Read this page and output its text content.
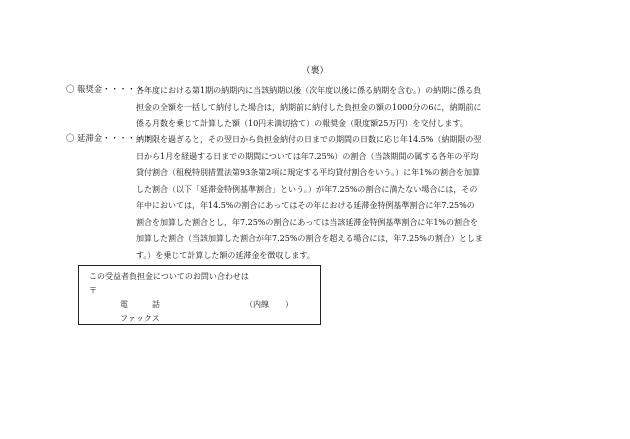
（裏）
〇 報奨金・・・・・・
各年度における第1期の納期内に当該納期以後（次年度以後に係る納期を含む。）の納期に係る負
担金の全額を一括して納付した場合は，納期前に納付した負担金の額の1000分の6に，納期前に
係る月数を乗じて計算した額（10円未満切捨て）の報奨金（限度額25万円）を交付します。
〇 延滞金・・・・・・
納期限を過ぎると，その翌日から負担金納付の日までの期間の日数に応じ年14.5%（納期限の翌
日から1月を経過する日までの期間については年7.25%）の割合（当該期間の属する各年の平均
貸付割合（租税特別措置法第93条第2項に規定する平均貸付割合をいう。）に年1%の割合を加算
した割合（以下「延滞金特例基準割合」という。）が年7.25%の割合に満たない場合には，その
年中においては，年14.5%の割合にあってはその年における延滞金特例基準割合に年7.25%の
割合を加算した割合とし，年7.25%の割合にあっては当該延滞金特例基準割合に年1%の割合を
加算した割合（当該加算した割合が年7.25%の割合を超える場合には，年7.25%の割合）としま
す。）を乗じて計算した額の延滞金を徴収します。
この受益者負担金についてのお問い合わせは
〒
電　　　話	（内線　　）
ファックス
